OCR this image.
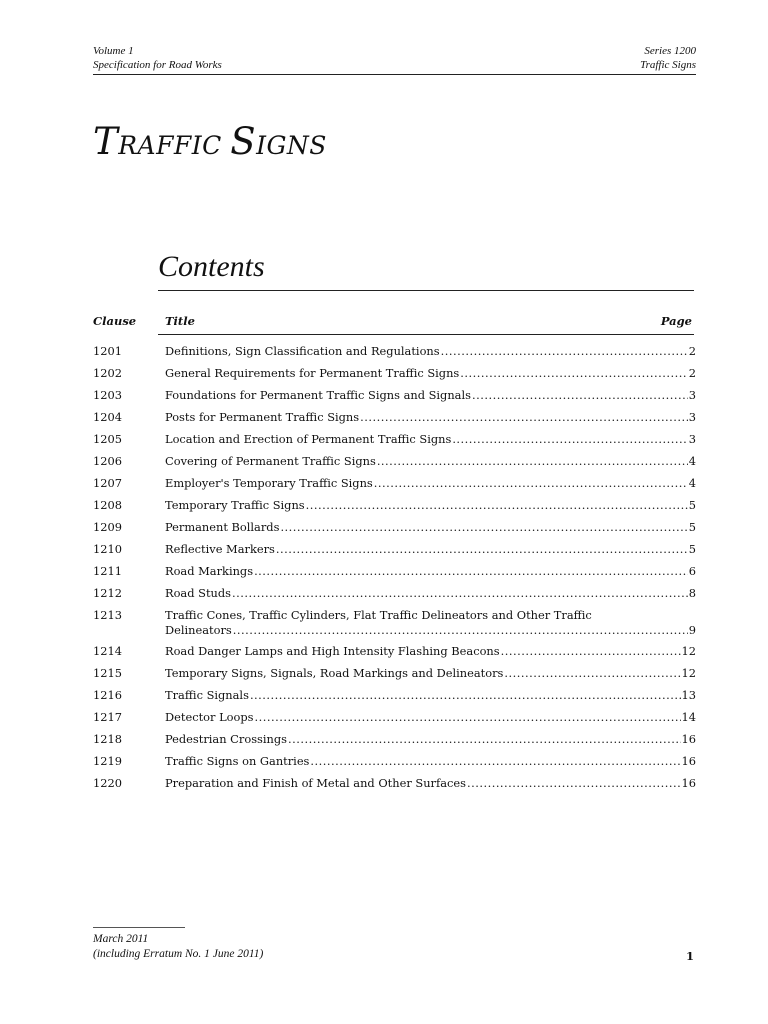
Volume 1
Specification for Road Works
Series 1200
Traffic Signs
TRAFFIC SIGNS
Contents
Clause	Title	Page
1201	Definitions, Sign Classification and Regulations .....	2
1202	General Requirements for Permanent Traffic Signs .....	2
1203	Foundations for Permanent Traffic Signs and Signals .....	3
1204	Posts for Permanent Traffic Signs .....	3
1205	Location and Erection of Permanent Traffic Signs .....	3
1206	Covering of Permanent Traffic Signs .....	4
1207	Employer's Temporary Traffic Signs .....	4
1208	Temporary Traffic Signs .....	5
1209	Permanent Bollards .....	5
1210	Reflective Markers .....	5
1211	Road Markings .....	6
1212	Road Studs .....	8
1213	Traffic Cones, Traffic Cylinders, Flat Traffic Delineators and Other Traffic
Delineators .....	9
1214	Road Danger Lamps and High Intensity Flashing Beacons .....	12
1215	Temporary Signs, Signals, Road Markings and Delineators .....	12
1216	Traffic Signals .....	13
1217	Detector Loops .....	14
1218	Pedestrian Crossings .....	16
1219	Traffic Signs on Gantries .....	16
1220	Preparation and Finish of Metal and Other Surfaces .....	16
March 2011
(including Erratum No. 1 June 2011)	1
